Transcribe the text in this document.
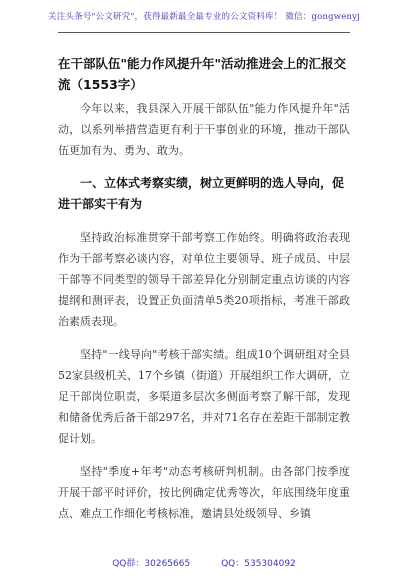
关注头条号"公文研究"，获得最新最全最专业的公文资料库！ 微信：gongwenyj
在干部队伍"能力作风提升年"活动推进会上的汇报交流（1553字）

今年以来，我县深入开展干部队伍"能力作风提升年"活动，以系列举措营造更有利于干事创业的环境，推动干部队伍更加有为、勇为、敢为。

一、立体式考察实绩，树立更鲜明的选人导向，促进干部实干有为

坚持政治标准贯穿干部考察工作始终。明确将政治表现作为干部考察必谈内容，对单位主要领导、班子成员、中层干部等不同类型的领导干部差异化分别制定重点访谈的内容提纲和测评表，设置正负面清单5类20项指标，考准干部政治素质表现。

坚持"一线导向"考核干部实绩。组成10个调研组对全县52家县级机关、17个乡镇（街道）开展组织工作大调研，立足干部岗位职责，多渠道多层次多侧面考察了解干部，发现和储备优秀后备干部297名，并对71名存在差距干部制定教促计划。

坚持"季度+年考"动态考核研判机制。由各部门按季度开展干部平时评价，按比例确定优秀等次，年底围绕年度重点、难点工作细化考核标准，邀请县处级领导、乡镇

QQ群：30265665	QQ：535304092
